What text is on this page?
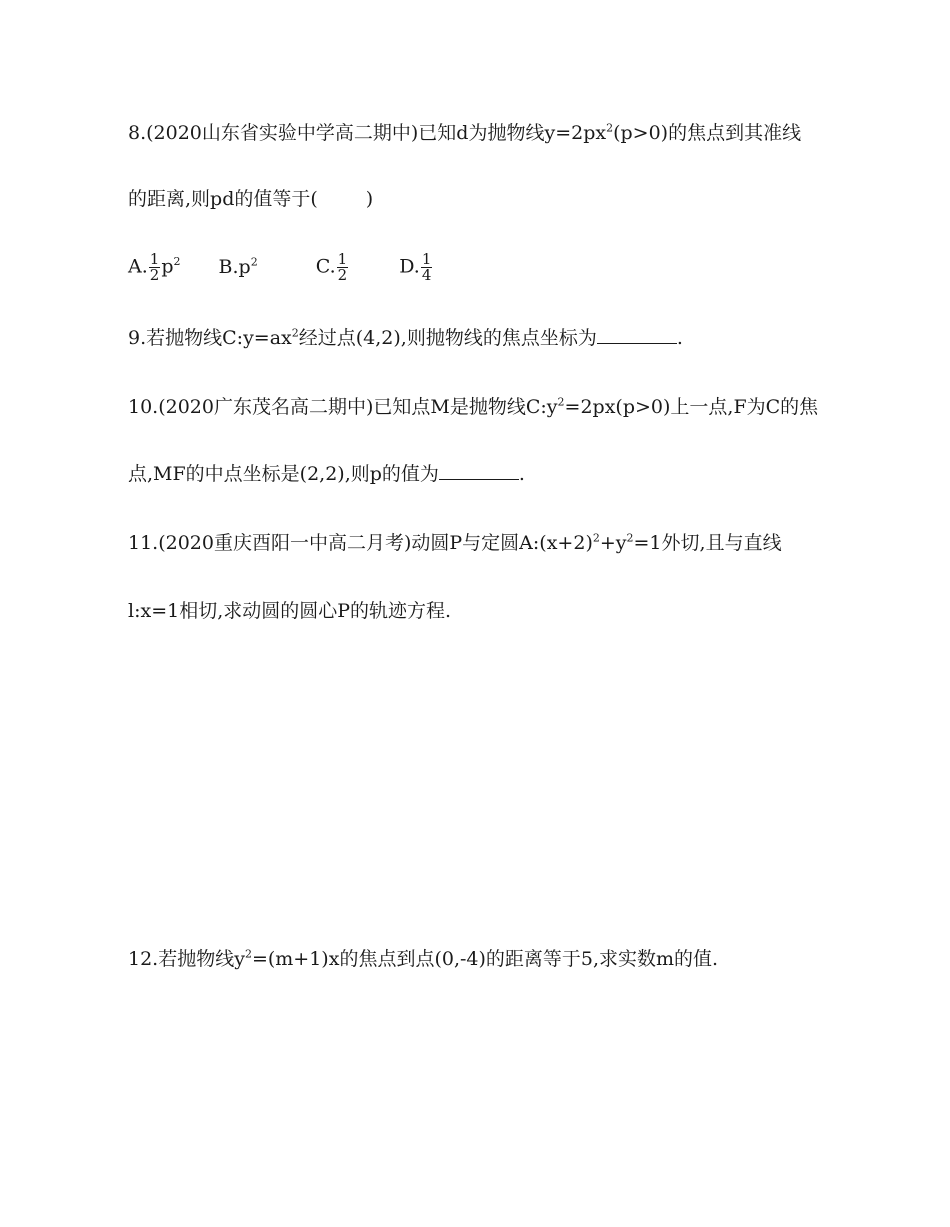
8.(2020山东省实验中学高二期中)已知d为抛物线$y=2px^2(p>0)$的焦点到其准线
的距离,则pd的值等于(	)
A. $\frac{1}{2} p^2$ $B.p^2$	C. $\frac{1}{2}$	D. $\frac{1}{4}$
9.若抛物线$C:y=ax^2$经过点(4,2),则抛物线的焦点坐标为	.
10.(2020广东茂名高二期中)已知点M是抛物线$C:y^2=2px(p>0)$上一点,F为C的焦
点,MF的中点坐标是(2,2),则p的值为	.
11.(2020重庆酉阳一中高二月考)动圆P与定圆$A:(x+2)^2+y^2=1$外切,且与直线
l:x=1相切,求动圆的圆心P的轨迹方程.
12.若抛物线$y^2=(m+1)x$的焦点到点(0,-4)的距离等于5,求实数m的值.
